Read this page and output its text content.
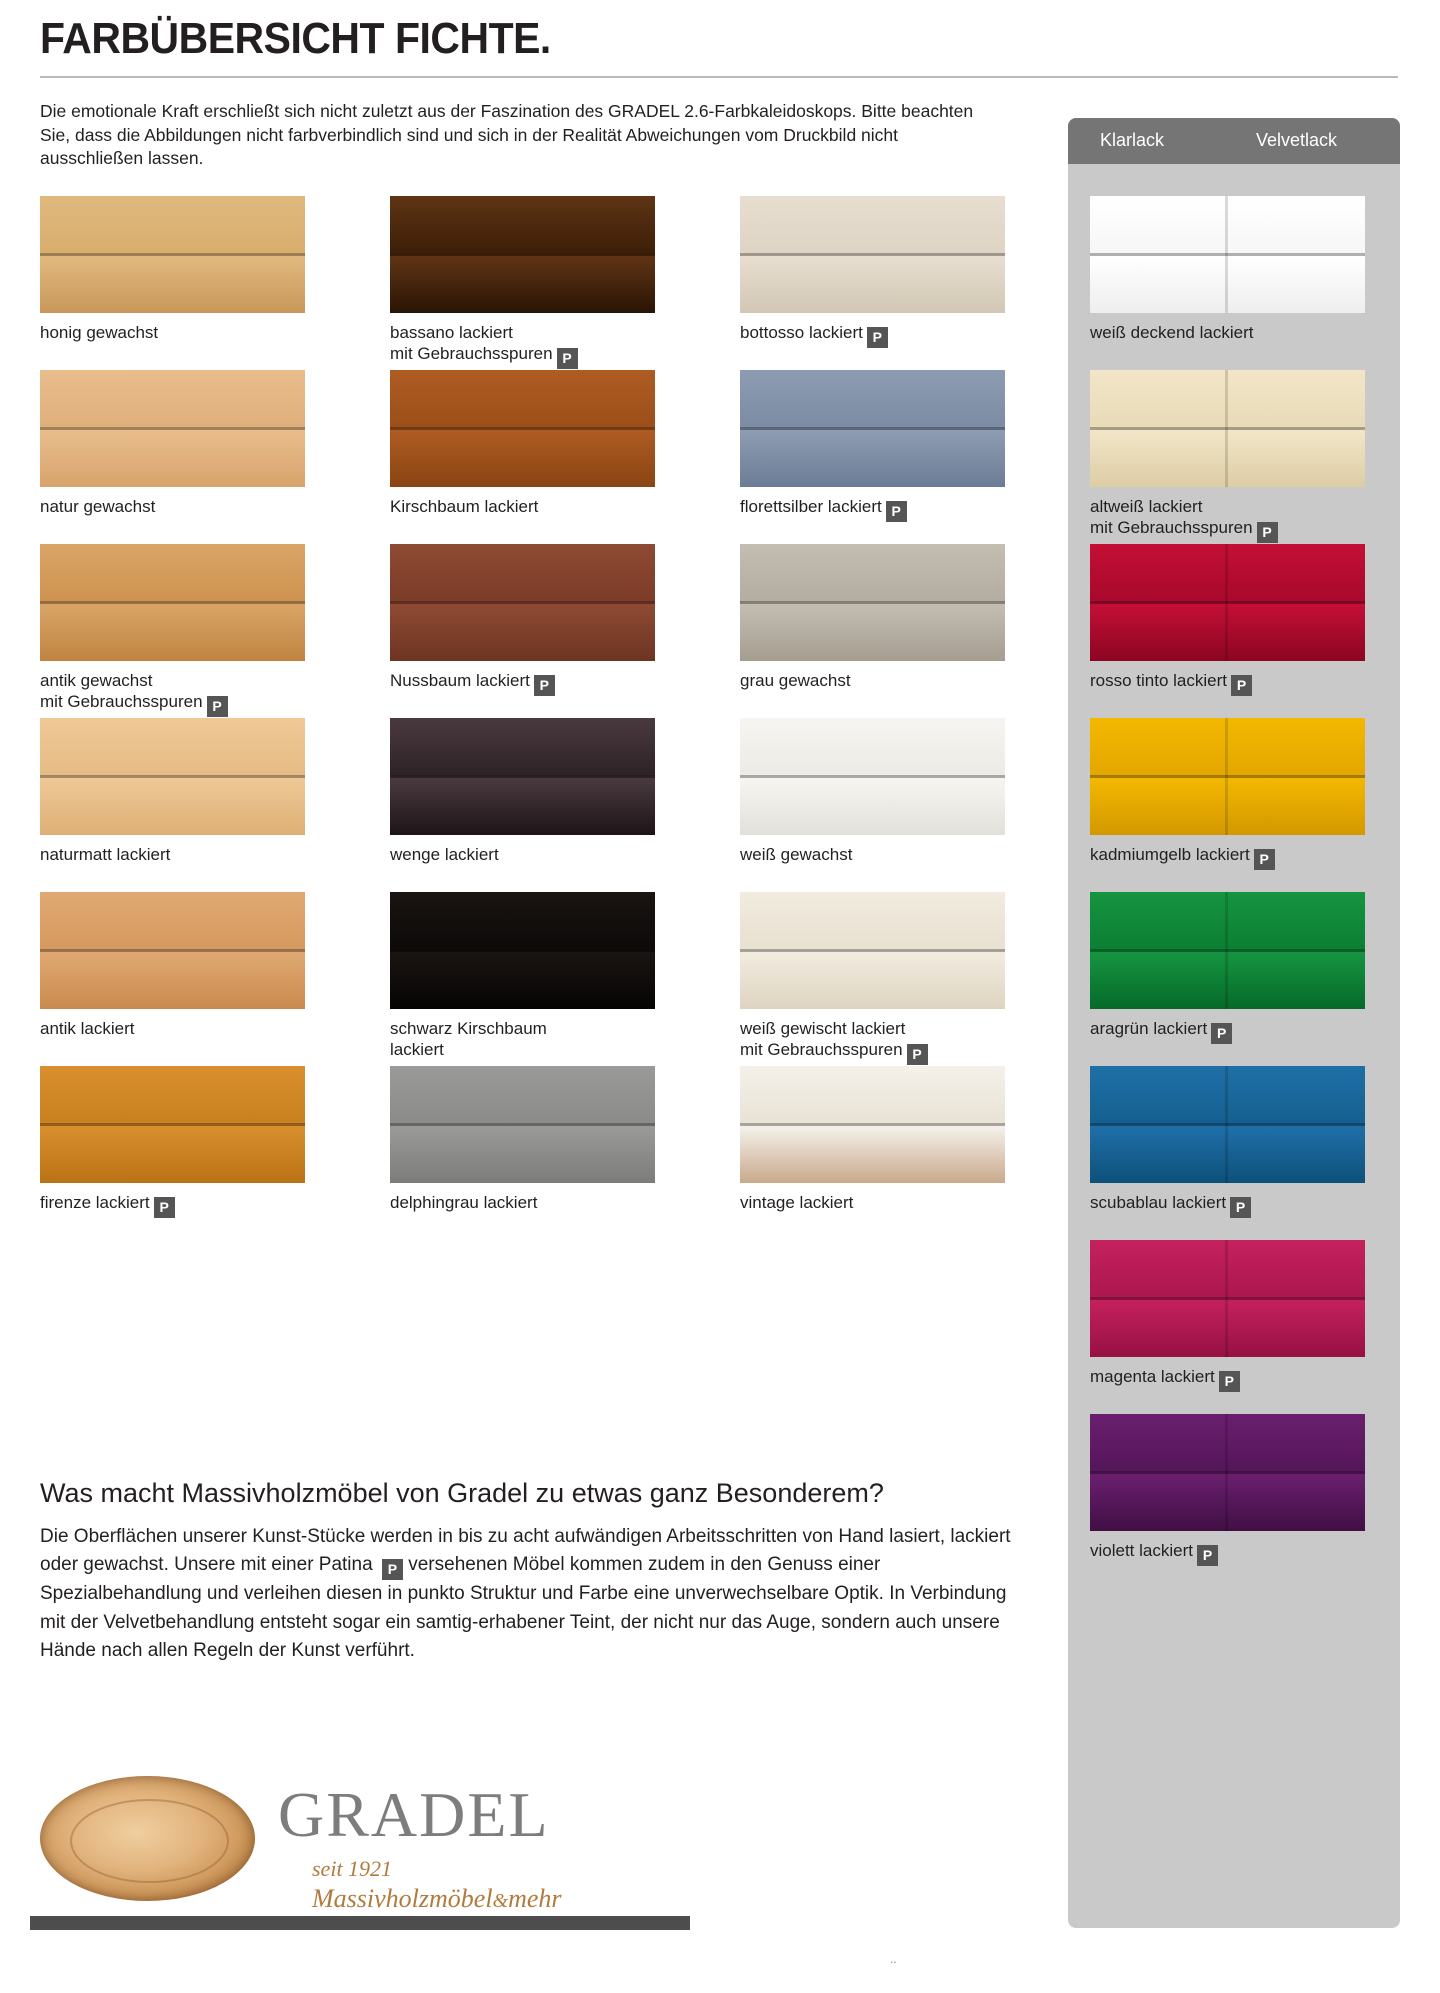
FARBÜBERSICHT FICHTE.
Die emotionale Kraft erschließt sich nicht zuletzt aus der Faszination des GRADEL 2.6-Farbkaleidoskops. Bitte beachten Sie, dass die Abbildungen nicht farbverbindlich sind und sich in der Realität Abweichungen vom Druckbild nicht ausschließen lassen.
Klarlack	Velvetlack
honig gewachst
natur gewachst
antik gewachst
mit Gebrauchsspuren P
naturmatt lackiert
antik lackiert
firenze lackiert P
bassano lackiert
mit Gebrauchsspuren P
Kirschbaum lackiert
Nussbaum lackiert P
wenge lackiert
schwarz Kirschbaum
lackiert
delphingrau lackiert
bottosso lackiert P
florettsilber lackiert P
grau gewachst
weiß gewachst
weiß gewischt lackiert
mit Gebrauchsspuren P
vintage lackiert
weiß deckend lackiert
altweiß lackiert
mit Gebrauchsspuren P
rosso tinto lackiert P
kadmiumgelb lackiert P
aragrün lackiert P
scubablau lackiert P
magenta lackiert P
violett lackiert P
Was macht Massivholzmöbel von Gradel zu etwas ganz Besonderem?

Die Oberflächen unserer Kunst-Stücke werden in bis zu acht aufwändigen Arbeitsschritten von Hand lasiert, lackiert oder gewachst. Unsere mit einer Patina P versehenen Möbel kommen zudem in den Genuss einer Spezialbehandlung und verleihen diesen in punkto Struktur und Farbe eine unverwechselbare Optik. In Verbindung mit der Velvetbehandlung entsteht sogar ein samtig-erhabener Teint, der nicht nur das Auge, sondern auch unsere Hände nach allen Regeln der Kunst verführt.

GRADEL
seit 1921
Massivholzmöbel&mehr
..
